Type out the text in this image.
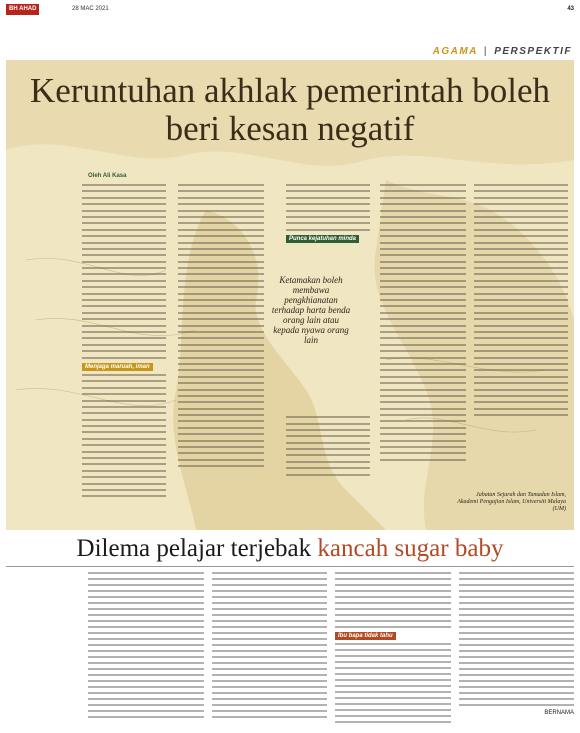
BH AHAD	28 MAC 2021	43
AGAMA | PERSPEKTIF
Keruntuhan akhlak pemerintah boleh beri kesan negatif
Oleh Ali Kasa
Menjaga maruah, iman
Ketamakan boleh membawa pengkhianatan terhadap harta benda orang lain atau kepada nyawa orang lain
Punca kejatuhan minda
Jabatan Sejarah dan Tamadun Islam, Akademi Pengajian Islam, Universiti Malaya (UM)
Dilema pelajar terjebak kancah sugar baby
Ibu bapa tidak tahu
BERNAMA
